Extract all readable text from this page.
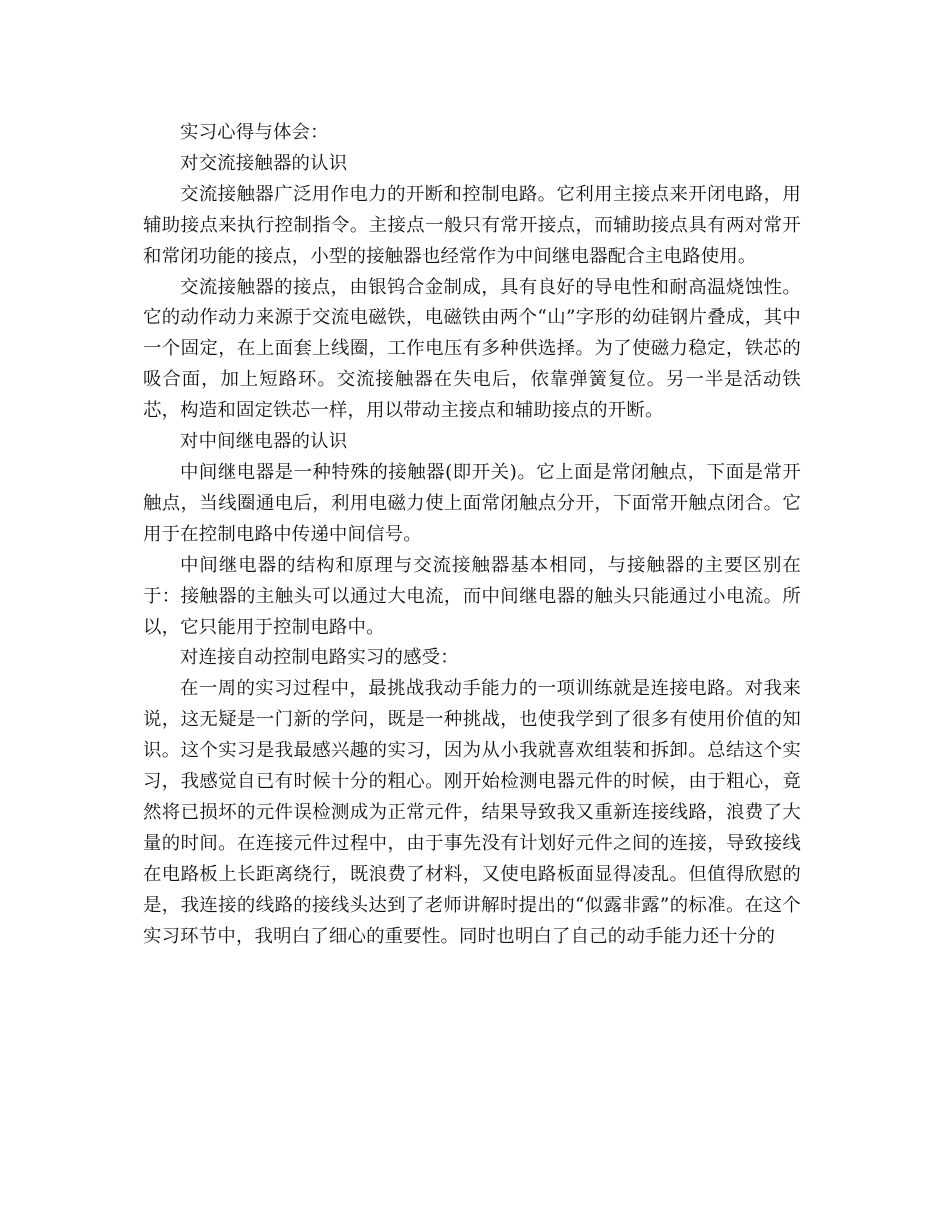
实习心得与体会：

对交流接触器的认识

交流接触器广泛用作电力的开断和控制电路。它利用主接点来开闭电路，用辅助接点来执行控制指令。主接点一般只有常开接点，而辅助接点具有两对常开和常闭功能的接点，小型的接触器也经常作为中间继电器配合主电路使用。

交流接触器的接点，由银钨合金制成，具有良好的导电性和耐高温烧蚀性。它的动作动力来源于交流电磁铁，电磁铁由两个“山”字形的幼硅钢片叠成，其中一个固定，在上面套上线圈，工作电压有多种供选择。为了使磁力稳定，铁芯的吸合面，加上短路环。交流接触器在失电后，依靠弹簧复位。另一半是活动铁芯，构造和固定铁芯一样，用以带动主接点和辅助接点的开断。

对中间继电器的认识

中间继电器是一种特殊的接触器(即开关)。它上面是常闭触点，下面是常开触点，当线圈通电后，利用电磁力使上面常闭触点分开，下面常开触点闭合。它用于在控制电路中传递中间信号。

中间继电器的结构和原理与交流接触器基本相同，与接触器的主要区别在于：接触器的主触头可以通过大电流，而中间继电器的触头只能通过小电流。所以，它只能用于控制电路中。

对连接自动控制电路实习的感受：

在一周的实习过程中，最挑战我动手能力的一项训练就是连接电路。对我来说，这无疑是一门新的学问，既是一种挑战，也使我学到了很多有使用价值的知识。这个实习是我最感兴趣的实习，因为从小我就喜欢组装和拆卸。总结这个实习，我感觉自已有时候十分的粗心。刚开始检测电器元件的时候，由于粗心，竟然将已损坏的元件误检测成为正常元件，结果导致我又重新连接线路，浪费了大量的时间。在连接元件过程中，由于事先没有计划好元件之间的连接，导致接线在电路板上长距离绕行，既浪费了材料，又使电路板面显得凌乱。但值得欣慰的是，我连接的线路的接线头达到了老师讲解时提出的“似露非露”的标准。在这个实习环节中，我明白了细心的重要性。同时也明白了自己的动手能力还十分的
